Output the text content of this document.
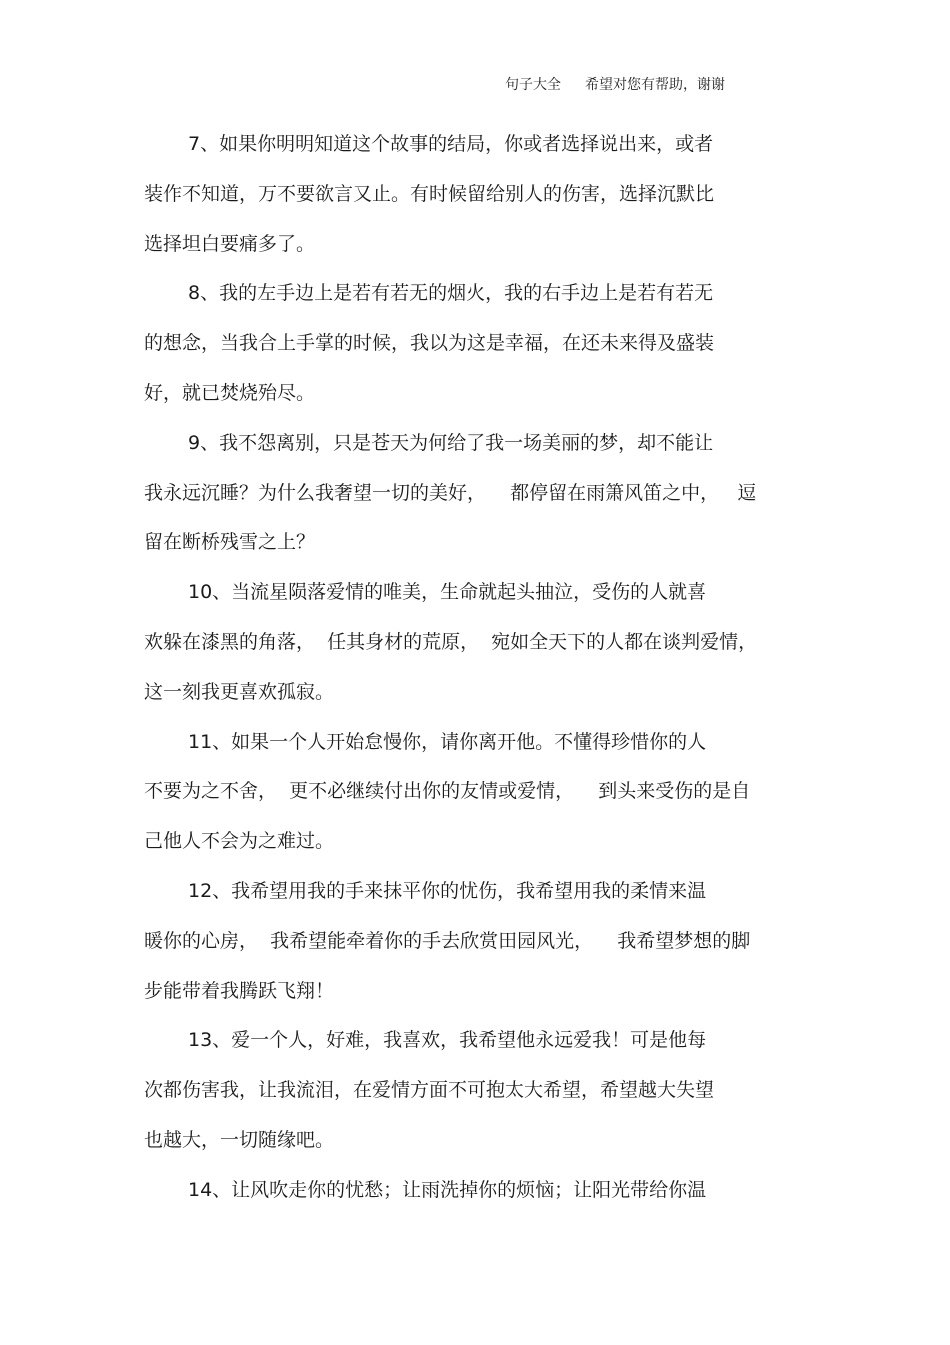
句子大全 希望对您有帮助，谢谢
7、如果你明明知道这个故事的结局，你或者选择说出来，或者
装作不知道，万不要欲言又止。有时候留给别人的伤害，选择沉默比
选择坦白要痛多了。
8、我的左手边上是若有若无的烟火，我的右手边上是若有若无
的想念，当我合上手掌的时候，我以为这是幸福，在还未来得及盛装
好，就已焚烧殆尽。
9、我不怨离别，只是苍天为何给了我一场美丽的梦，却不能让
我永远沉睡？为什么我奢望一切的美好，    都停留在雨箫风笛之中，   逗
留在断桥残雪之上？
10、当流星陨落爱情的唯美，生命就起头抽泣，受伤的人就喜
欢躲在漆黑的角落，  任其身材的荒原，  宛如全天下的人都在谈判爱情，
这一刻我更喜欢孤寂。
11、如果一个人开始怠慢你，请你离开他。不懂得珍惜你的人
不要为之不舍，  更不必继续付出你的友情或爱情，    到头来受伤的是自
己他人不会为之难过。
12、我希望用我的手来抹平你的忧伤，我希望用我的柔情来温
暖你的心房，  我希望能牵着你的手去欣赏田园风光，    我希望梦想的脚
步能带着我腾跃飞翔！
13、爱一个人，好难，我喜欢，我希望他永远爱我！可是他每
次都伤害我，让我流泪，在爱情方面不可抱太大希望，希望越大失望
也越大，一切随缘吧。
14、让风吹走你的忧愁；让雨洗掉你的烦恼；让阳光带给你温
